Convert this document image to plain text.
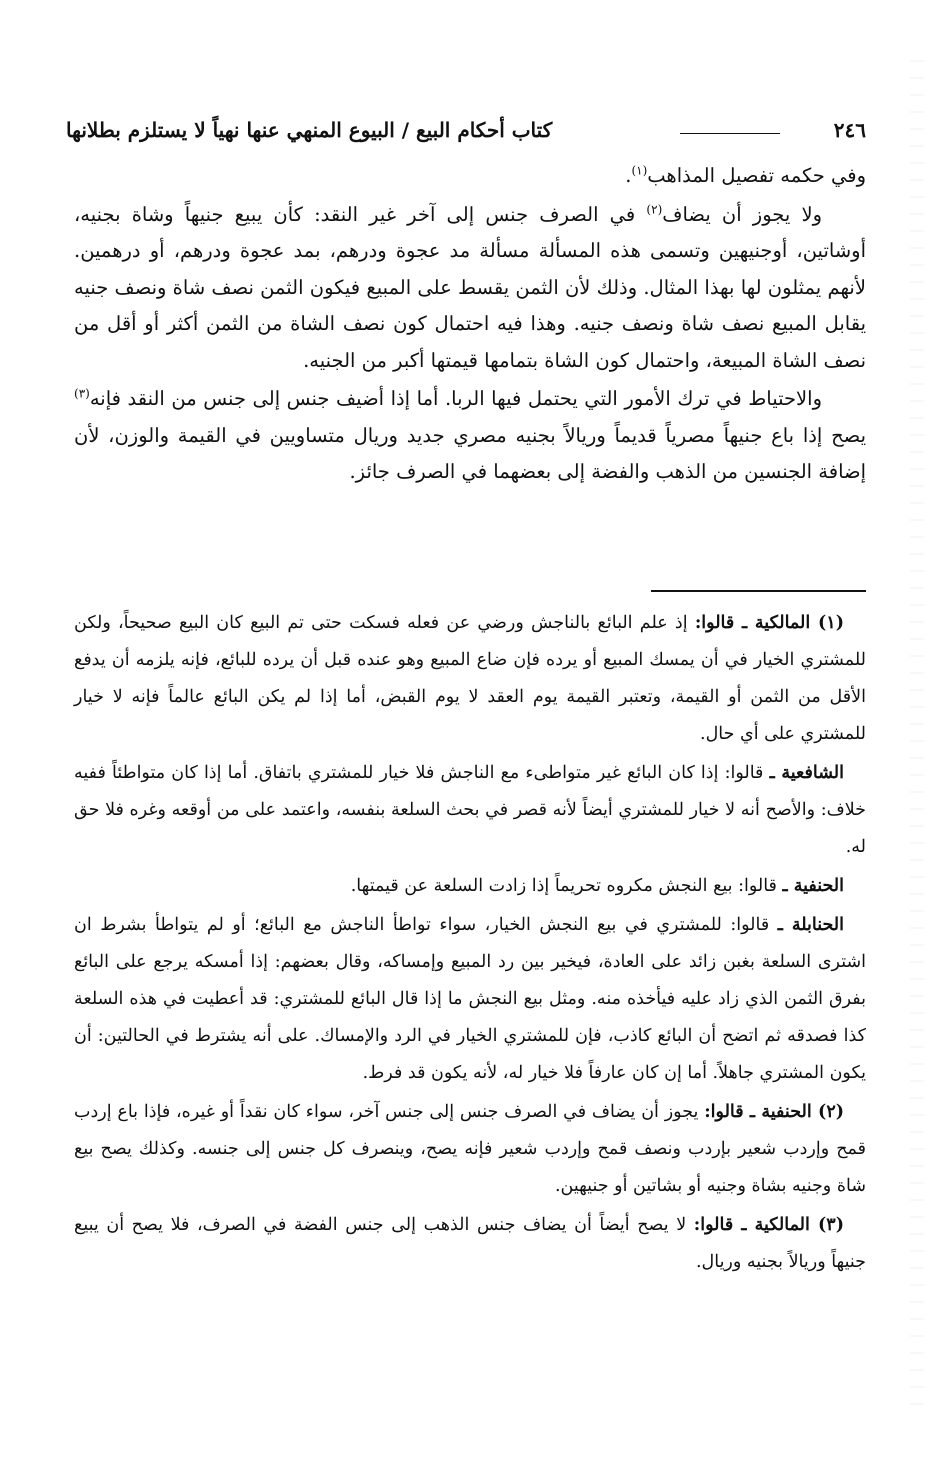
٢٤٦
كتاب أحكام البيع / البيوع المنهي عنها نهياً لا يستلزم بطلانها

وفي حكمه تفصيل المذاهب$^{(١)}$.

ولا يجوز أن يضاف$^{(٢)}$ في الصرف جنس إلى آخر غير النقد: كأن يبيع جنيهاً وشاة بجنيه، أوشاتين، أوجنيهين وتسمى هذه المسألة مسألة مد عجوة ودرهم، بمد عجوة ودرهم، أو درهمين. لأنهم يمثلون لها بهذا المثال. وذلك لأن الثمن يقسط على المبيع فيكون الثمن نصف شاة ونصف جنيه يقابل المبيع نصف شاة ونصف جنيه. وهذا فيه احتمال كون نصف الشاة من الثمن أكثر أو أقل من نصف الشاة المبيعة، واحتمال كون الشاة بتمامها قيمتها أكبر من الجنيه.

والاحتياط في ترك الأمور التي يحتمل فيها الربا. أما إذا أضيف جنس إلى جنس من النقد فإنه$^{(٣)}$ يصح إذا باع جنيهاً مصرياً قديماً وريالاً بجنيه مصري جديد وريال متساويين في القيمة والوزن، لأن إضافة الجنسين من الذهب والفضة إلى بعضهما في الصرف جائز.

(١) المالكية ـ قالوا: إذ علم البائع بالناجش ورضي عن فعله فسكت حتى تم البيع كان البيع صحيحاً، ولكن للمشتري الخيار في أن يمسك المبيع أو يرده فإن ضاع المبيع وهو عنده قبل أن يرده للبائع، فإنه يلزمه أن يدفع الأقل من الثمن أو القيمة، وتعتبر القيمة يوم العقد لا يوم القبض، أما إذا لم يكن البائع عالماً فإنه لا خيار للمشتري على أي حال.

الشافعية ـ قالوا: إذا كان البائع غير متواطىء مع الناجش فلا خيار للمشتري باتفاق. أما إذا كان متواطئاً ففيه خلاف: والأصح أنه لا خيار للمشتري أيضاً لأنه قصر في بحث السلعة بنفسه، واعتمد على من أوقعه وغره فلا حق له.

الحنفية ـ قالوا: بيع النجش مكروه تحريماً إذا زادت السلعة عن قيمتها.

الحنابلة ـ قالوا: للمشتري في بيع النجش الخيار، سواء تواطأ الناجش مع البائع؛ أو لم يتواطأ بشرط ان اشترى السلعة بغبن زائد على العادة، فيخير بين رد المبيع وإمساكه، وقال بعضهم: إذا أمسكه يرجع على البائع بفرق الثمن الذي زاد عليه فيأخذه منه. ومثل بيع النجش ما إذا قال البائع للمشتري: قد أعطيت في هذه السلعة كذا فصدقه ثم اتضح أن البائع كاذب، فإن للمشتري الخيار في الرد والإمساك. على أنه يشترط في الحالتين: أن يكون المشتري جاهلاً. أما إن كان عارفاً فلا خيار له، لأنه يكون قد فرط.

(٢) الحنفية ـ قالوا: يجوز أن يضاف في الصرف جنس إلى جنس آخر، سواء كان نقداً أو غيره، فإذا باع إردب قمح وإردب شعير بإردب ونصف قمح وإردب شعير فإنه يصح، وينصرف كل جنس إلى جنسه. وكذلك يصح بيع شاة وجنيه بشاة وجنيه أو بشاتين أو جنيهين.

(٣) المالكية ـ قالوا: لا يصح أيضاً أن يضاف جنس الذهب إلى جنس الفضة في الصرف، فلا يصح أن يبيع جنيهاً وريالاً بجنيه وريال.
